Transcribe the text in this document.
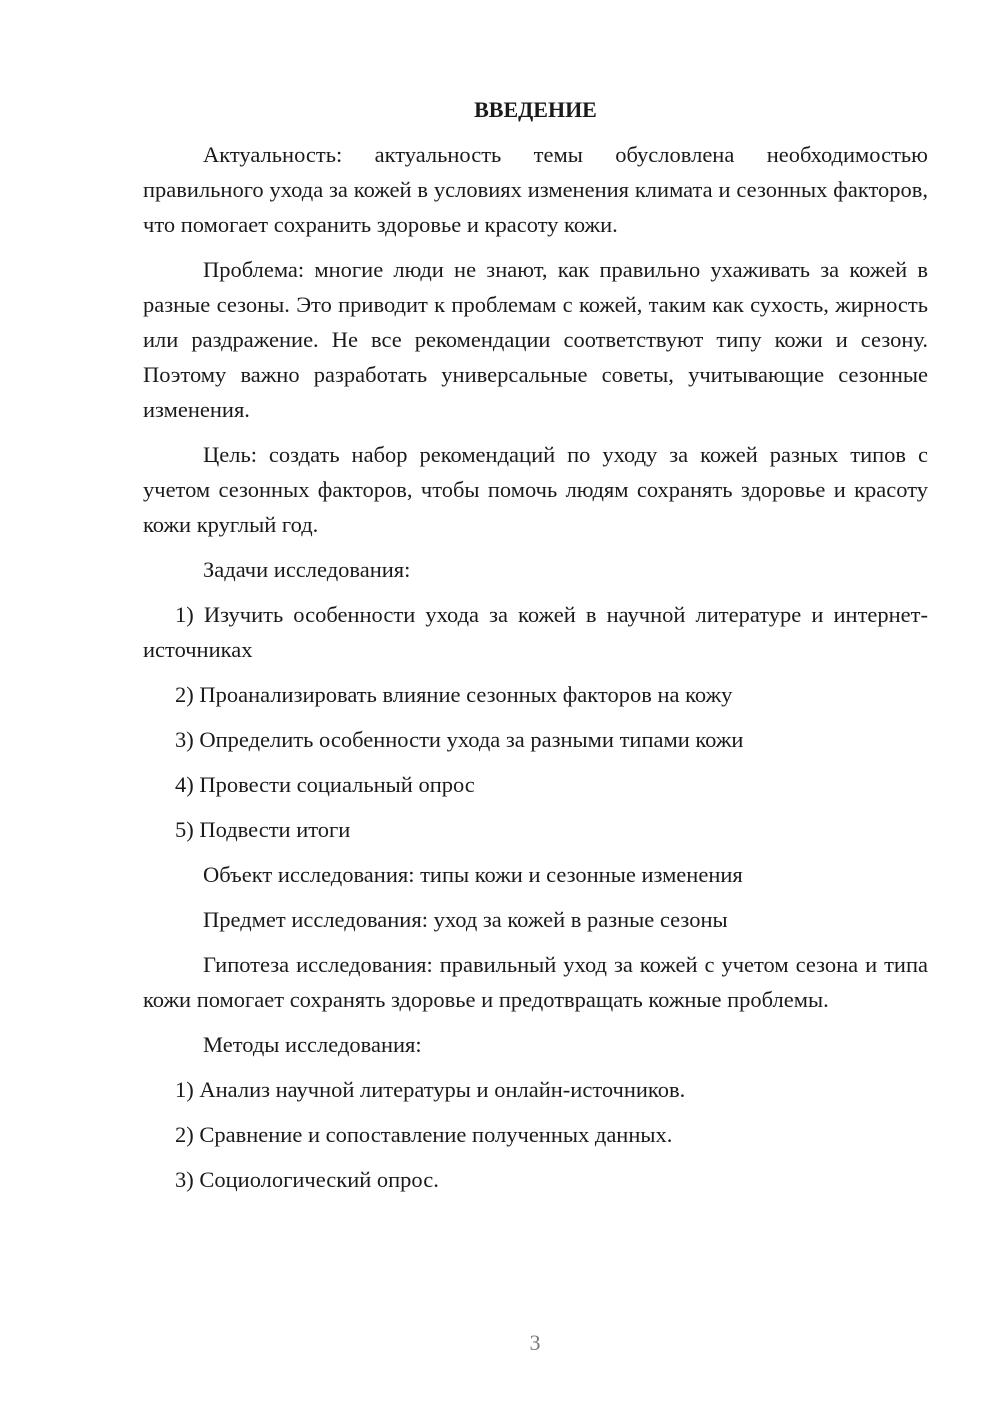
ВВЕДЕНИЕ

Актуальность: актуальность темы обусловлена необходимостью правильного ухода за кожей в условиях изменения климата и сезонных факторов, что помогает сохранить здоровье и красоту кожи.

Проблема: многие люди не знают, как правильно ухаживать за кожей в разные сезоны. Это приводит к проблемам с кожей, таким как сухость, жирность или раздражение. Не все рекомендации соответствуют типу кожи и сезону. Поэтому важно разработать универсальные советы, учитывающие сезонные изменения.

Цель: создать набор рекомендаций по уходу за кожей разных типов с учетом сезонных факторов, чтобы помочь людям сохранять здоровье и красоту кожи круглый год.

Задачи исследования:

1) Изучить особенности ухода за кожей в научной литературе и интернет-источниках

2) Проанализировать влияние сезонных факторов на кожу

3) Определить особенности ухода за разными типами кожи

4) Провести социальный опрос

5) Подвести итоги

Объект исследования: типы кожи и сезонные изменения

Предмет исследования: уход за кожей в разные сезоны

Гипотеза исследования: правильный уход за кожей с учетом сезона и типа кожи помогает сохранять здоровье и предотвращать кожные проблемы.

Методы исследования:

1) Анализ научной литературы и онлайн-источников.

2) Сравнение и сопоставление полученных данных.

3) Социологический опрос.

3
